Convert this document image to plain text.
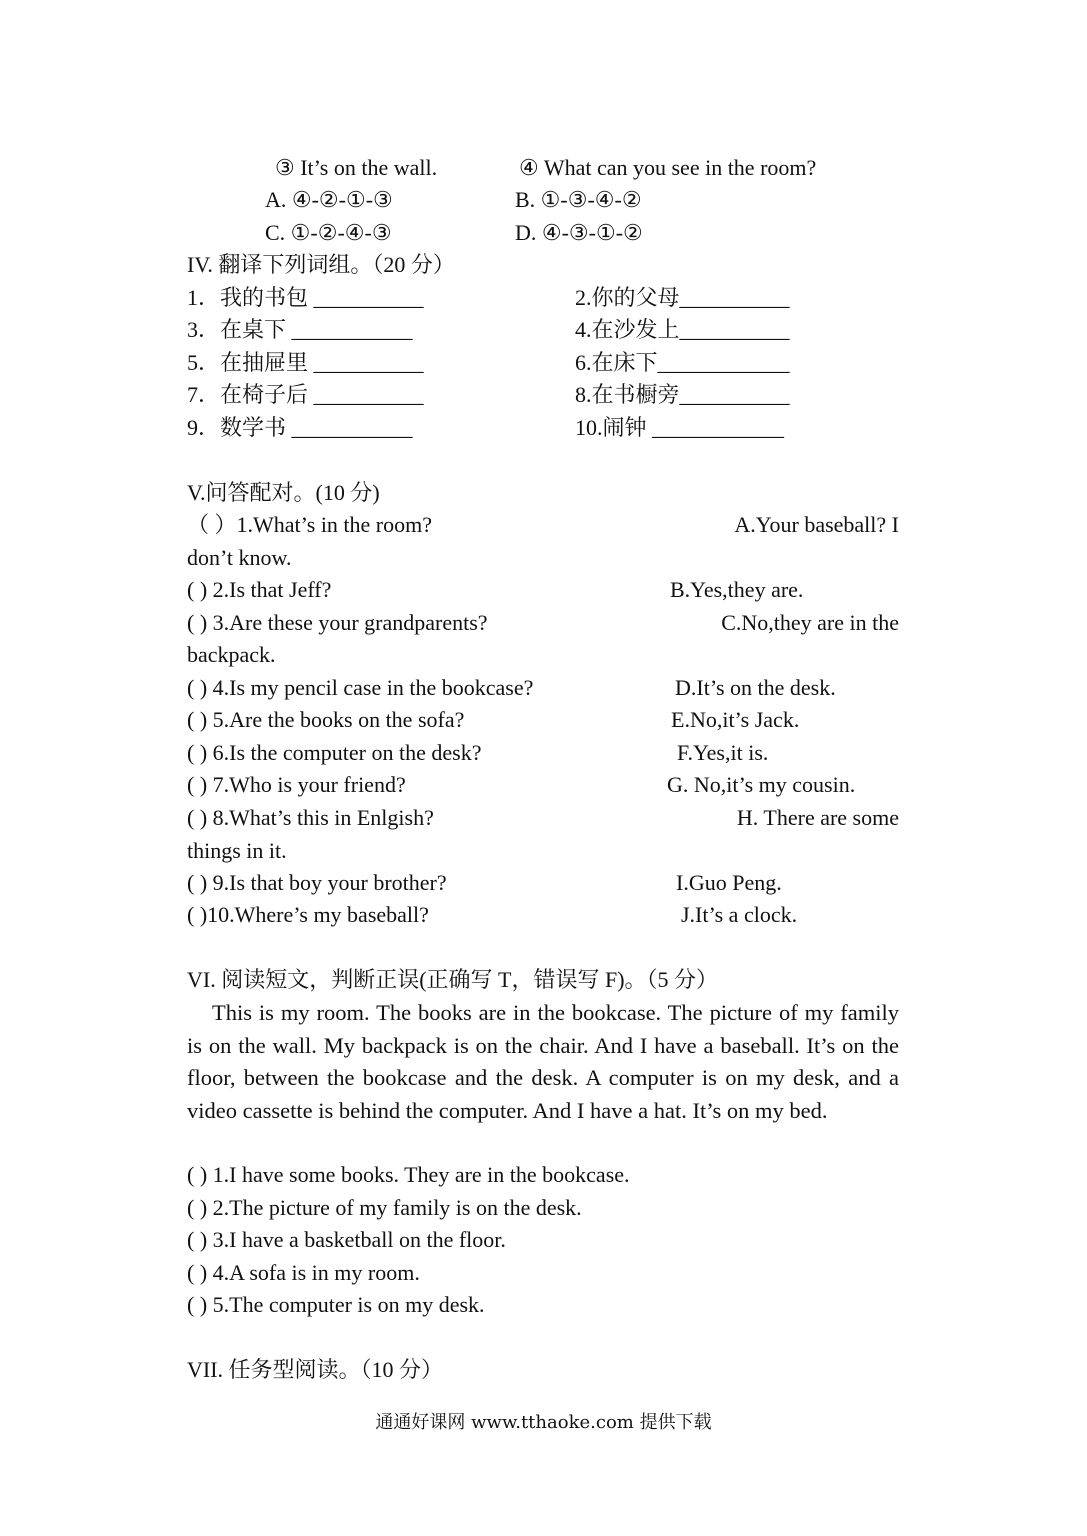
③ It’s on the wall.	④ What can you see in the room?
A. ④-②-①-③	B. ①-③-④-②
C. ①-②-④-③	D. ④-③-①-②
IV. 翻译下列词组。（20 分）
1．我的书包 __________	2.你的父母__________
3．在桌下 ___________	4.在沙发上__________
5．在抽屉里 __________	6.在床下____________
7．在椅子后 __________	8.在书橱旁__________
9．数学书 ___________	10.闹钟 ____________
V.问答配对。(10 分)
（ ）1.What’s in the room?	A.Your baseball? I
don’t know.
( ) 2.Is that Jeff?	B.Yes,they are.
( ) 3.Are these your grandparents?	C.No,they are in the
backpack.
( ) 4.Is my pencil case in the bookcase?	D.It’s on the desk.
( ) 5.Are the books on the sofa?	E.No,it’s Jack.
( ) 6.Is the computer on the desk?	F.Yes,it is.
( ) 7.Who is your friend?	G. No,it’s my cousin.
( ) 8.What’s this in Enlgish?	H. There are some
things in it.
( ) 9.Is that boy your brother?	I.Guo Peng.
( )10.Where’s my baseball?	J.It’s a clock.
VI. 阅读短文，判断正误(正确写 T，错误写 F)。（5 分）
This is my room. The books are in the bookcase. The picture of my family is on the wall. My backpack is on the chair. And I have a baseball. It’s on the floor, between the bookcase and the desk. A computer is on my desk, and a video cassette is behind the computer. And I have a hat. It’s on my bed.
( ) 1.I have some books. They are in the bookcase.
( ) 2.The picture of my family is on the desk.
( ) 3.I have a basketball on the floor.
( ) 4.A sofa is in my room.
( ) 5.The computer is on my desk.
VII. 任务型阅读。（10 分）
通通好课网 www.tthaoke.com 提供下载
